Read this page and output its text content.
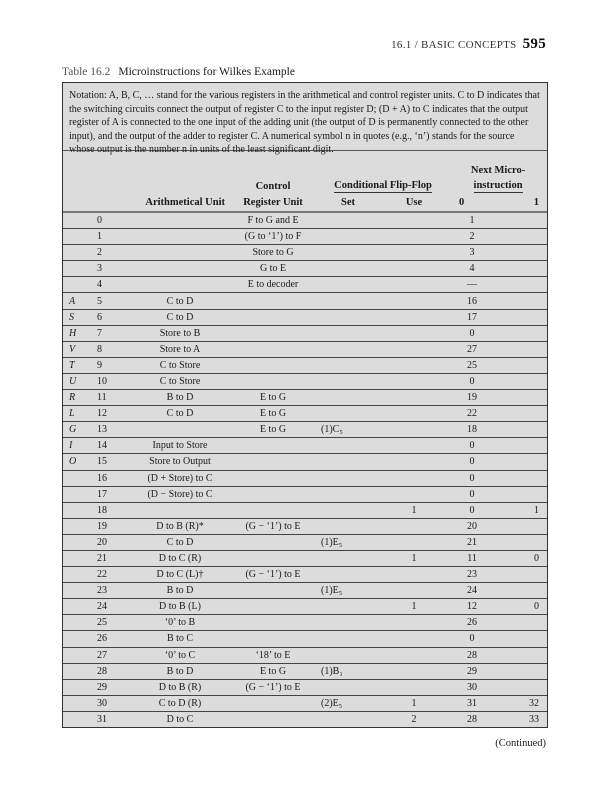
16.1 / BASIC CONCEPTS 595
Table 16.2 Microinstructions for Wilkes Example
Notation: A, B, C, … stand for the various registers in the arithmetical and control register units. C to D indicates that the switching circuits connect the output of register C to the input register D; (D + A) to C indicates that the output register of A is connected to the one input of the adding unit (the output of D is permanently connected to the other input), and the output of the adder to register C. A numerical symbol n in quotes (e.g., ‘n’) stands for the source whose output is the number n in units of the least significant digit.
						Next Micro-	
			Control	Conditional Flip-Flop		instruction	
		Arithmetical Unit	Register Unit	Set	Use	0	1
	0		F to G and E			1	
	1		(G to ‘1’) to F			2	
	2		Store to G			3	
	3		G to E			4	
	4		E to decoder			—	
A	5	C to D				16	
S	6	C to D				17	
H	7	Store to B				0	
V	8	Store to A				27	
T	9	C to Store				25	
U	10	C to Store				0	
R	11	B to D	E to G			19	
L	12	C to D	E to G			22	
G	13		E to G	(1)C₅		18	
I	14	Input to Store				0	
O	15	Store to Output				0	
	16	(D + Store) to C				0	
	17	(D − Store) to C				0	
	18				1	0	1
	19	D to B (R)*	(G − ‘1’) to E			20	
	20	C to D		(1)E₅		21	
	21	D to C (R)			1	11	0
	22	D to C (L)†	(G − ‘1’) to E			23	
	23	B to D		(1)E₅		24	
	24	D to B (L)			1	12	0
	25	‘0’ to B				26	
	26	B to C				0	
	27	‘0’ to C	‘18’ to E			28	
	28	B to D	E to G	(1)B₁		29	
	29	D to B (R)	(G − ‘1’) to E			30	
	30	C to D (R)		(2)E₅	1	31	32
	31	D to C			2	28	33
(Continued)
